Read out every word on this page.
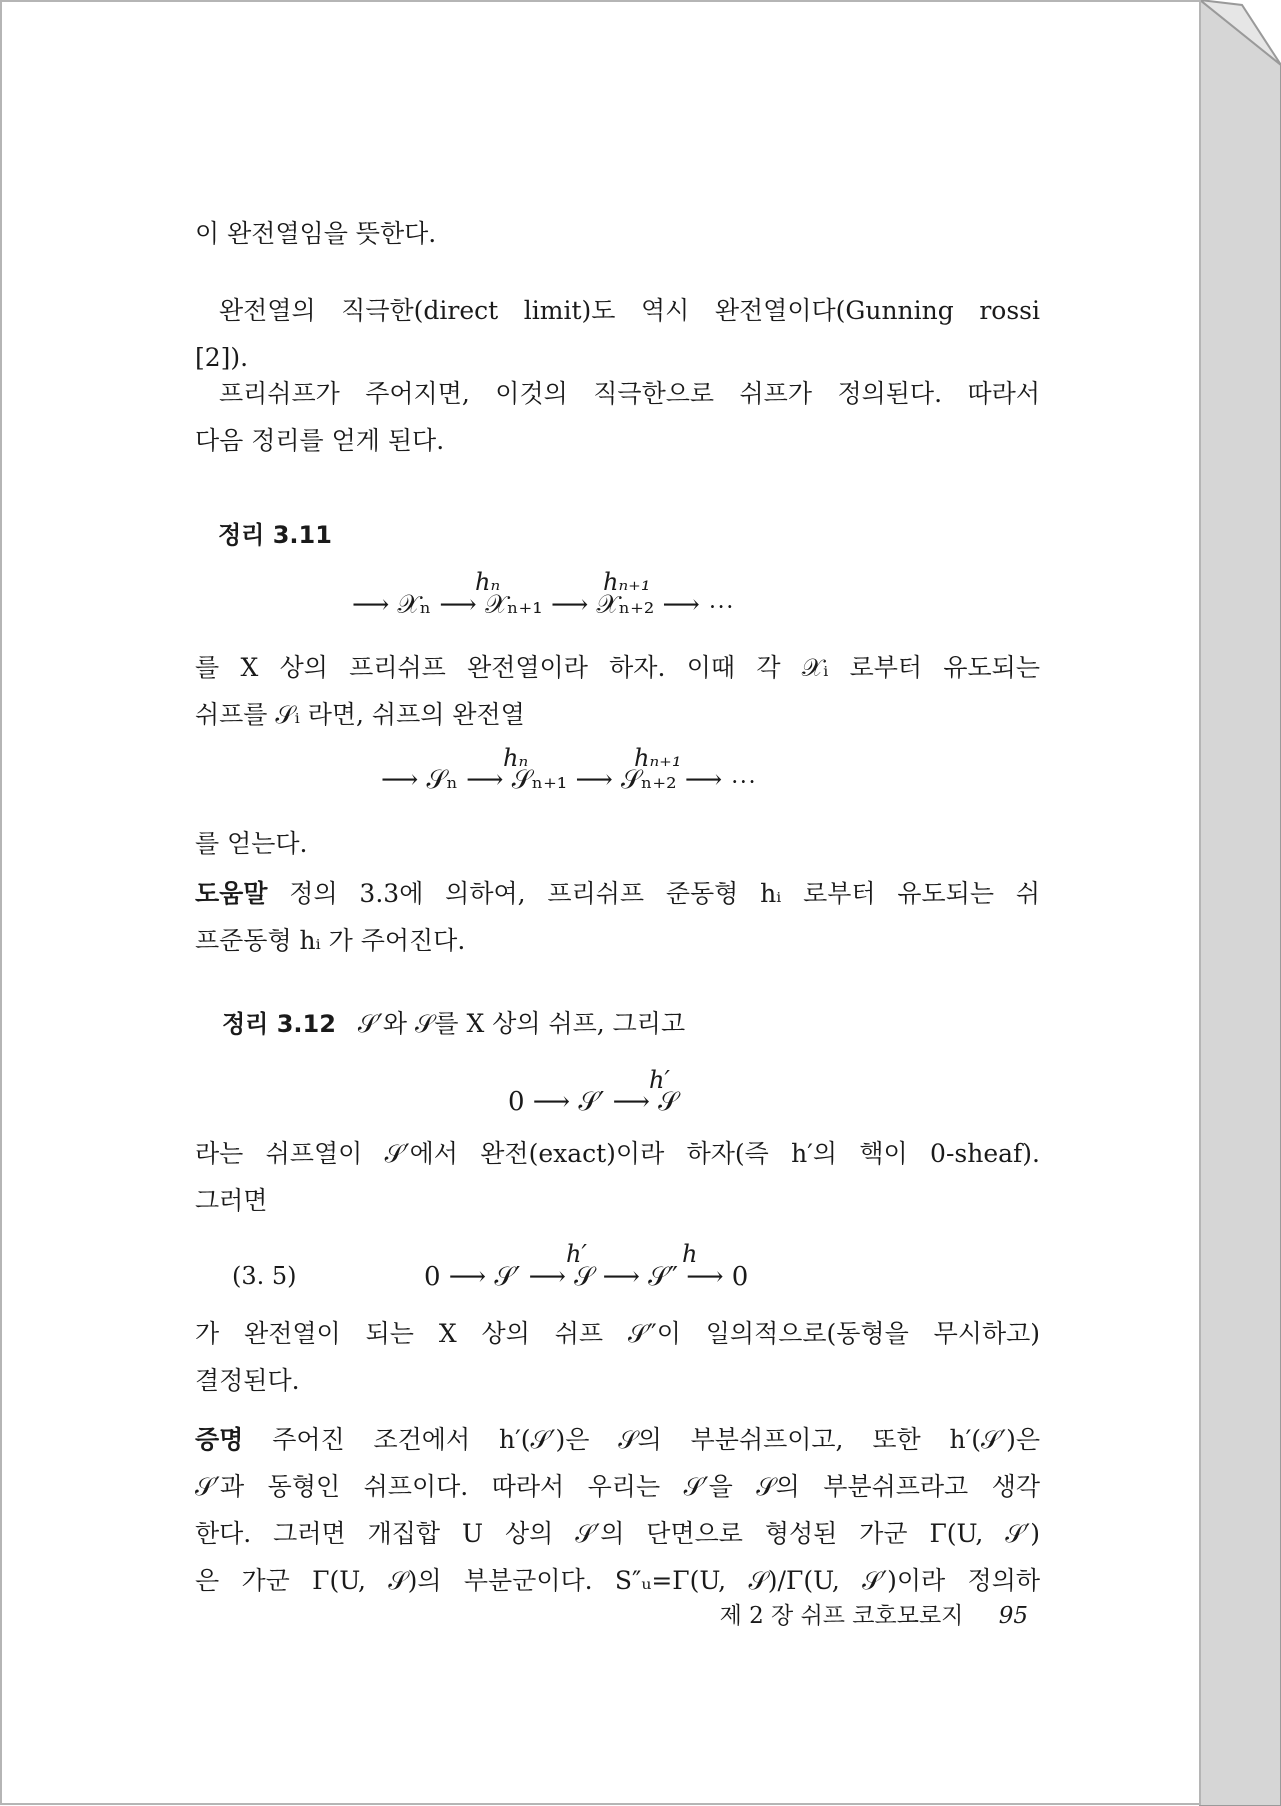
이 완전열임을 뜻한다.
완전열의 직극한(direct limit)도 역시 완전열이다(Gunning rossi
[2]).
프리쉬프가 주어지면, 이것의 직극한으로 쉬프가 정의된다. 따라서
다음 정리를 얻게 된다.
정리 3.11
hₙ	hₙ₊₁
⟶ 𝒳ₙ ⟶ 𝒳ₙ₊₁ ⟶ 𝒳ₙ₊₂ ⟶ ⋯
를 X 상의 프리쉬프 완전열이라 하자. 이때 각 𝒳ᵢ 로부터 유도되는
쉬프를 𝒮ᵢ 라면, 쉬프의 완전열
hₙ	hₙ₊₁
⟶ 𝒮ₙ ⟶ 𝒮ₙ₊₁ ⟶ 𝒮ₙ₊₂ ⟶ ⋯
를 얻는다.
도움말 정의 3.3에 의하여, 프리쉬프 준동형 hᵢ 로부터 유도되는 쉬
프준동형 hᵢ 가 주어진다.
정리 3.12 𝒮′와 𝒮를 X 상의 쉬프, 그리고
h′
0 ⟶ 𝒮′ ⟶ 𝒮
라는 쉬프열이 𝒮′에서 완전(exact)이라 하자(즉 h′의 핵이 0-sheaf).
그러면
(3. 5)
h′	h
0 ⟶ 𝒮′ ⟶ 𝒮 ⟶ 𝒮″ ⟶ 0
가 완전열이 되는 X 상의 쉬프 𝒮″이 일의적으로(동형을 무시하고)
결정된다.
증명 주어진 조건에서 h′(𝒮′)은 𝒮의 부분쉬프이고, 또한 h′(𝒮′)은
𝒮′과 동형인 쉬프이다. 따라서 우리는 𝒮′을 𝒮의 부분쉬프라고 생각
한다. 그러면 개집합 U 상의 𝒮′의 단면으로 형성된 가군 Γ(U, 𝒮′)
은 가군 Γ(U, 𝒮)의 부분군이다. S″ᵤ=Γ(U, 𝒮)/Γ(U, 𝒮′)이라 정의하
제 2 장 쉬프 코호모로지 95
